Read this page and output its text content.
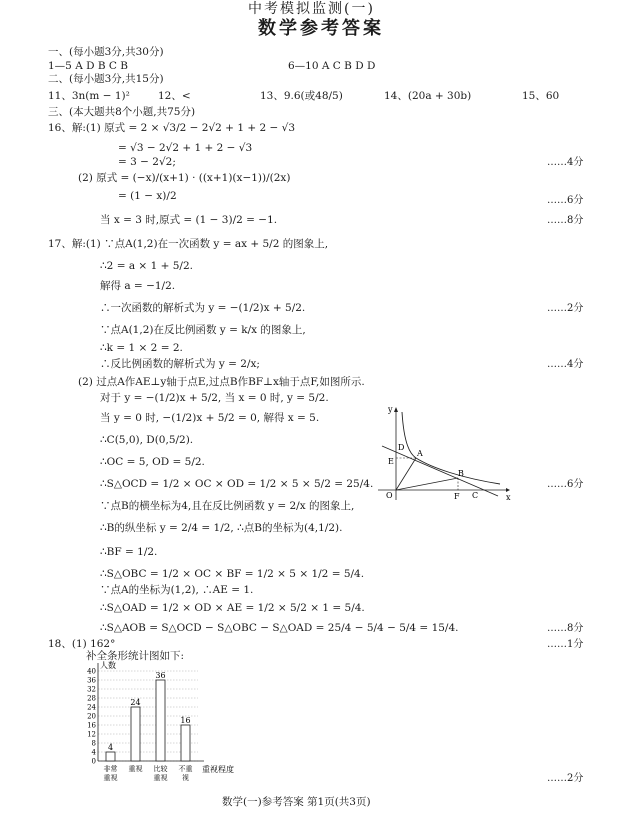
中考模拟监测(一)
数学参考答案
一、(每小题3分,共30分)
1—5 A D B C B	6—10 A C B D D
二、(每小题3分,共15分)
11、3n(m − 1)²	12、<	13、9.6(或48/5)	14、(20a + 30b)	15、60
三、(本大题共8个小题,共75分)
16、解:(1) 原式 = 2 × √3/2 − 2√2 + 1 + 2 − √3
= √3 − 2√2 + 1 + 2 − √3
= 3 − 2√2;	……4分
(2) 原式 = (−x)/(x+1) · ((x+1)(x−1))/(2x)
= (1 − x)/2	……6分
当 x = 3 时,原式 = (1 − 3)/2 = −1.	……8分
17、解:(1) ∵点A(1,2)在一次函数 y = ax + 5/2 的图象上,
∴2 = a × 1 + 5/2.
解得 a = −1/2.
∴一次函数的解析式为 y = −(1/2)x + 5/2.	……2分
∵点A(1,2)在反比例函数 y = k/x 的图象上,
∴k = 1 × 2 = 2.
∴反比例函数的解析式为 y = 2/x;	……4分
(2) 过点A作AE⊥y轴于点E,过点B作BF⊥x轴于点F,如图所示.
对于 y = −(1/2)x + 5/2, 当 x = 0 时, y = 5/2.
当 y = 0 时, −(1/2)x + 5/2 = 0, 解得 x = 5.
∴C(5,0), D(0,5/2).
∴OC = 5, OD = 5/2.
∴S△OCD = 1/2 × OC × OD = 1/2 × 5 × 5/2 = 25/4.	……6分
∵点B的横坐标为4,且在反比例函数 y = 2/x 的图象上,
∴B的纵坐标 y = 2/4 = 1/2, ∴点B的坐标为(4,1/2).
∴BF = 1/2.
∴S△OBC = 1/2 × OC × BF = 1/2 × 5 × 1/2 = 5/4.
∵点A的坐标为(1,2), ∴AE = 1.
∴S△OAD = 1/2 × OD × AE = 1/2 × 5/2 × 1 = 5/4.
∴S△AOB = S△OCD − S△OBC − S△OAD = 25/4 − 5/4 − 5/4 = 15/4.	……8分
y
x
O
D
A
E
B
F C
18、(1) 162°	……1分
补全条形统计图如下:
人数
重视程度
0
4
8
12
16
20
24
28
32
36
40
4
非常
重视
24
重视
36
比较
重视
16
不重
视	……2分
数学(一)参考答案 第1页(共3页)
